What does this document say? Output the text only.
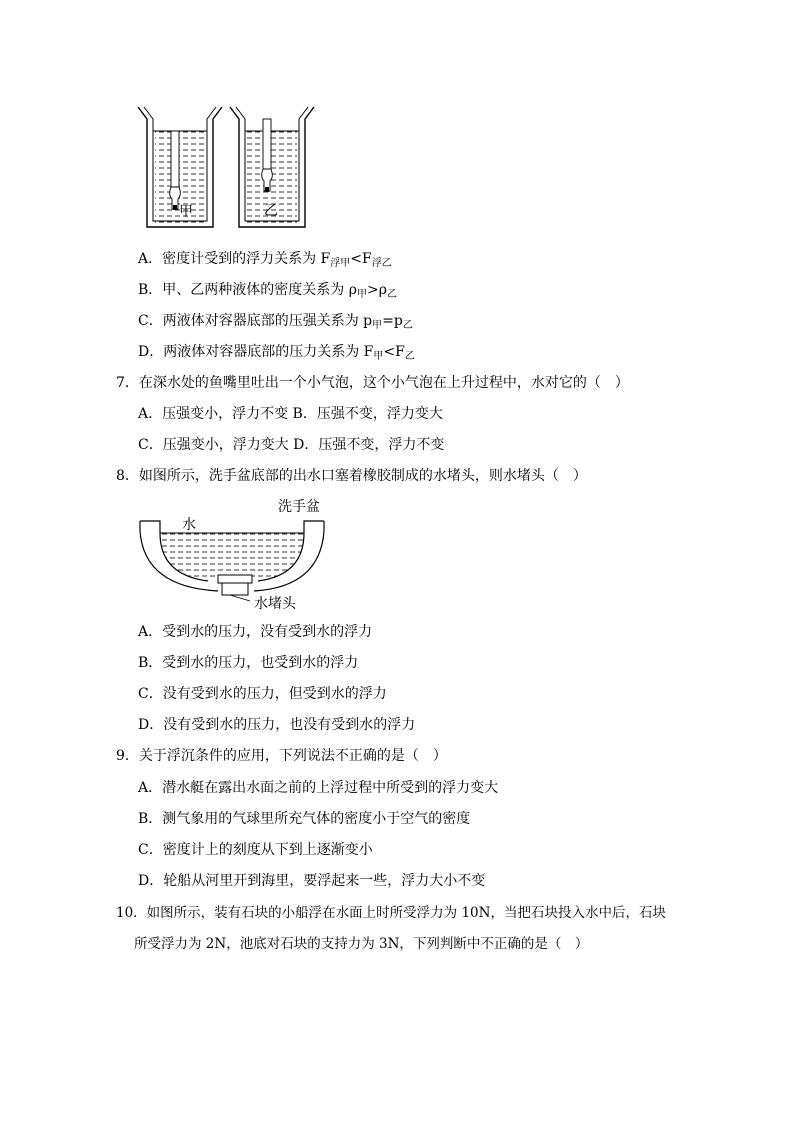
甲	乙
A．密度计受到的浮力关系为 $F_{浮甲}<F_{浮乙}$
B．甲、乙两种液体的密度关系为 $\rho_甲>\rho_乙$
C．两液体对容器底部的压强关系为 $p_甲=p_乙$
D．两液体对容器底部的压力关系为 $F_甲<F_乙$
7．在深水处的鱼嘴里吐出一个小气泡，这个小气泡在上升过程中，水对它的（　）
A．压强变小，浮力不变 B．压强不变，浮力变大
C．压强变小，浮力变大 D．压强不变，浮力不变
8．如图所示，洗手盆底部的出水口塞着橡胶制成的水堵头，则水堵头（　）
洗手盆
水
水堵头
A．受到水的压力，没有受到水的浮力
B．受到水的压力，也受到水的浮力
C．没有受到水的压力，但受到水的浮力
D．没有受到水的压力，也没有受到水的浮力
9．关于浮沉条件的应用，下列说法不正确的是（　）
A．潜水艇在露出水面之前的上浮过程中所受到的浮力变大
B．测气象用的气球里所充气体的密度小于空气的密度
C．密度计上的刻度从下到上逐渐变小
D．轮船从河里开到海里，要浮起来一些，浮力大小不变
10．如图所示，装有石块的小船浮在水面上时所受浮力为 10N，当把石块投入水中后，石块
所受浮力为 2N，池底对石块的支持力为 3N，下列判断中不正确的是（　）
